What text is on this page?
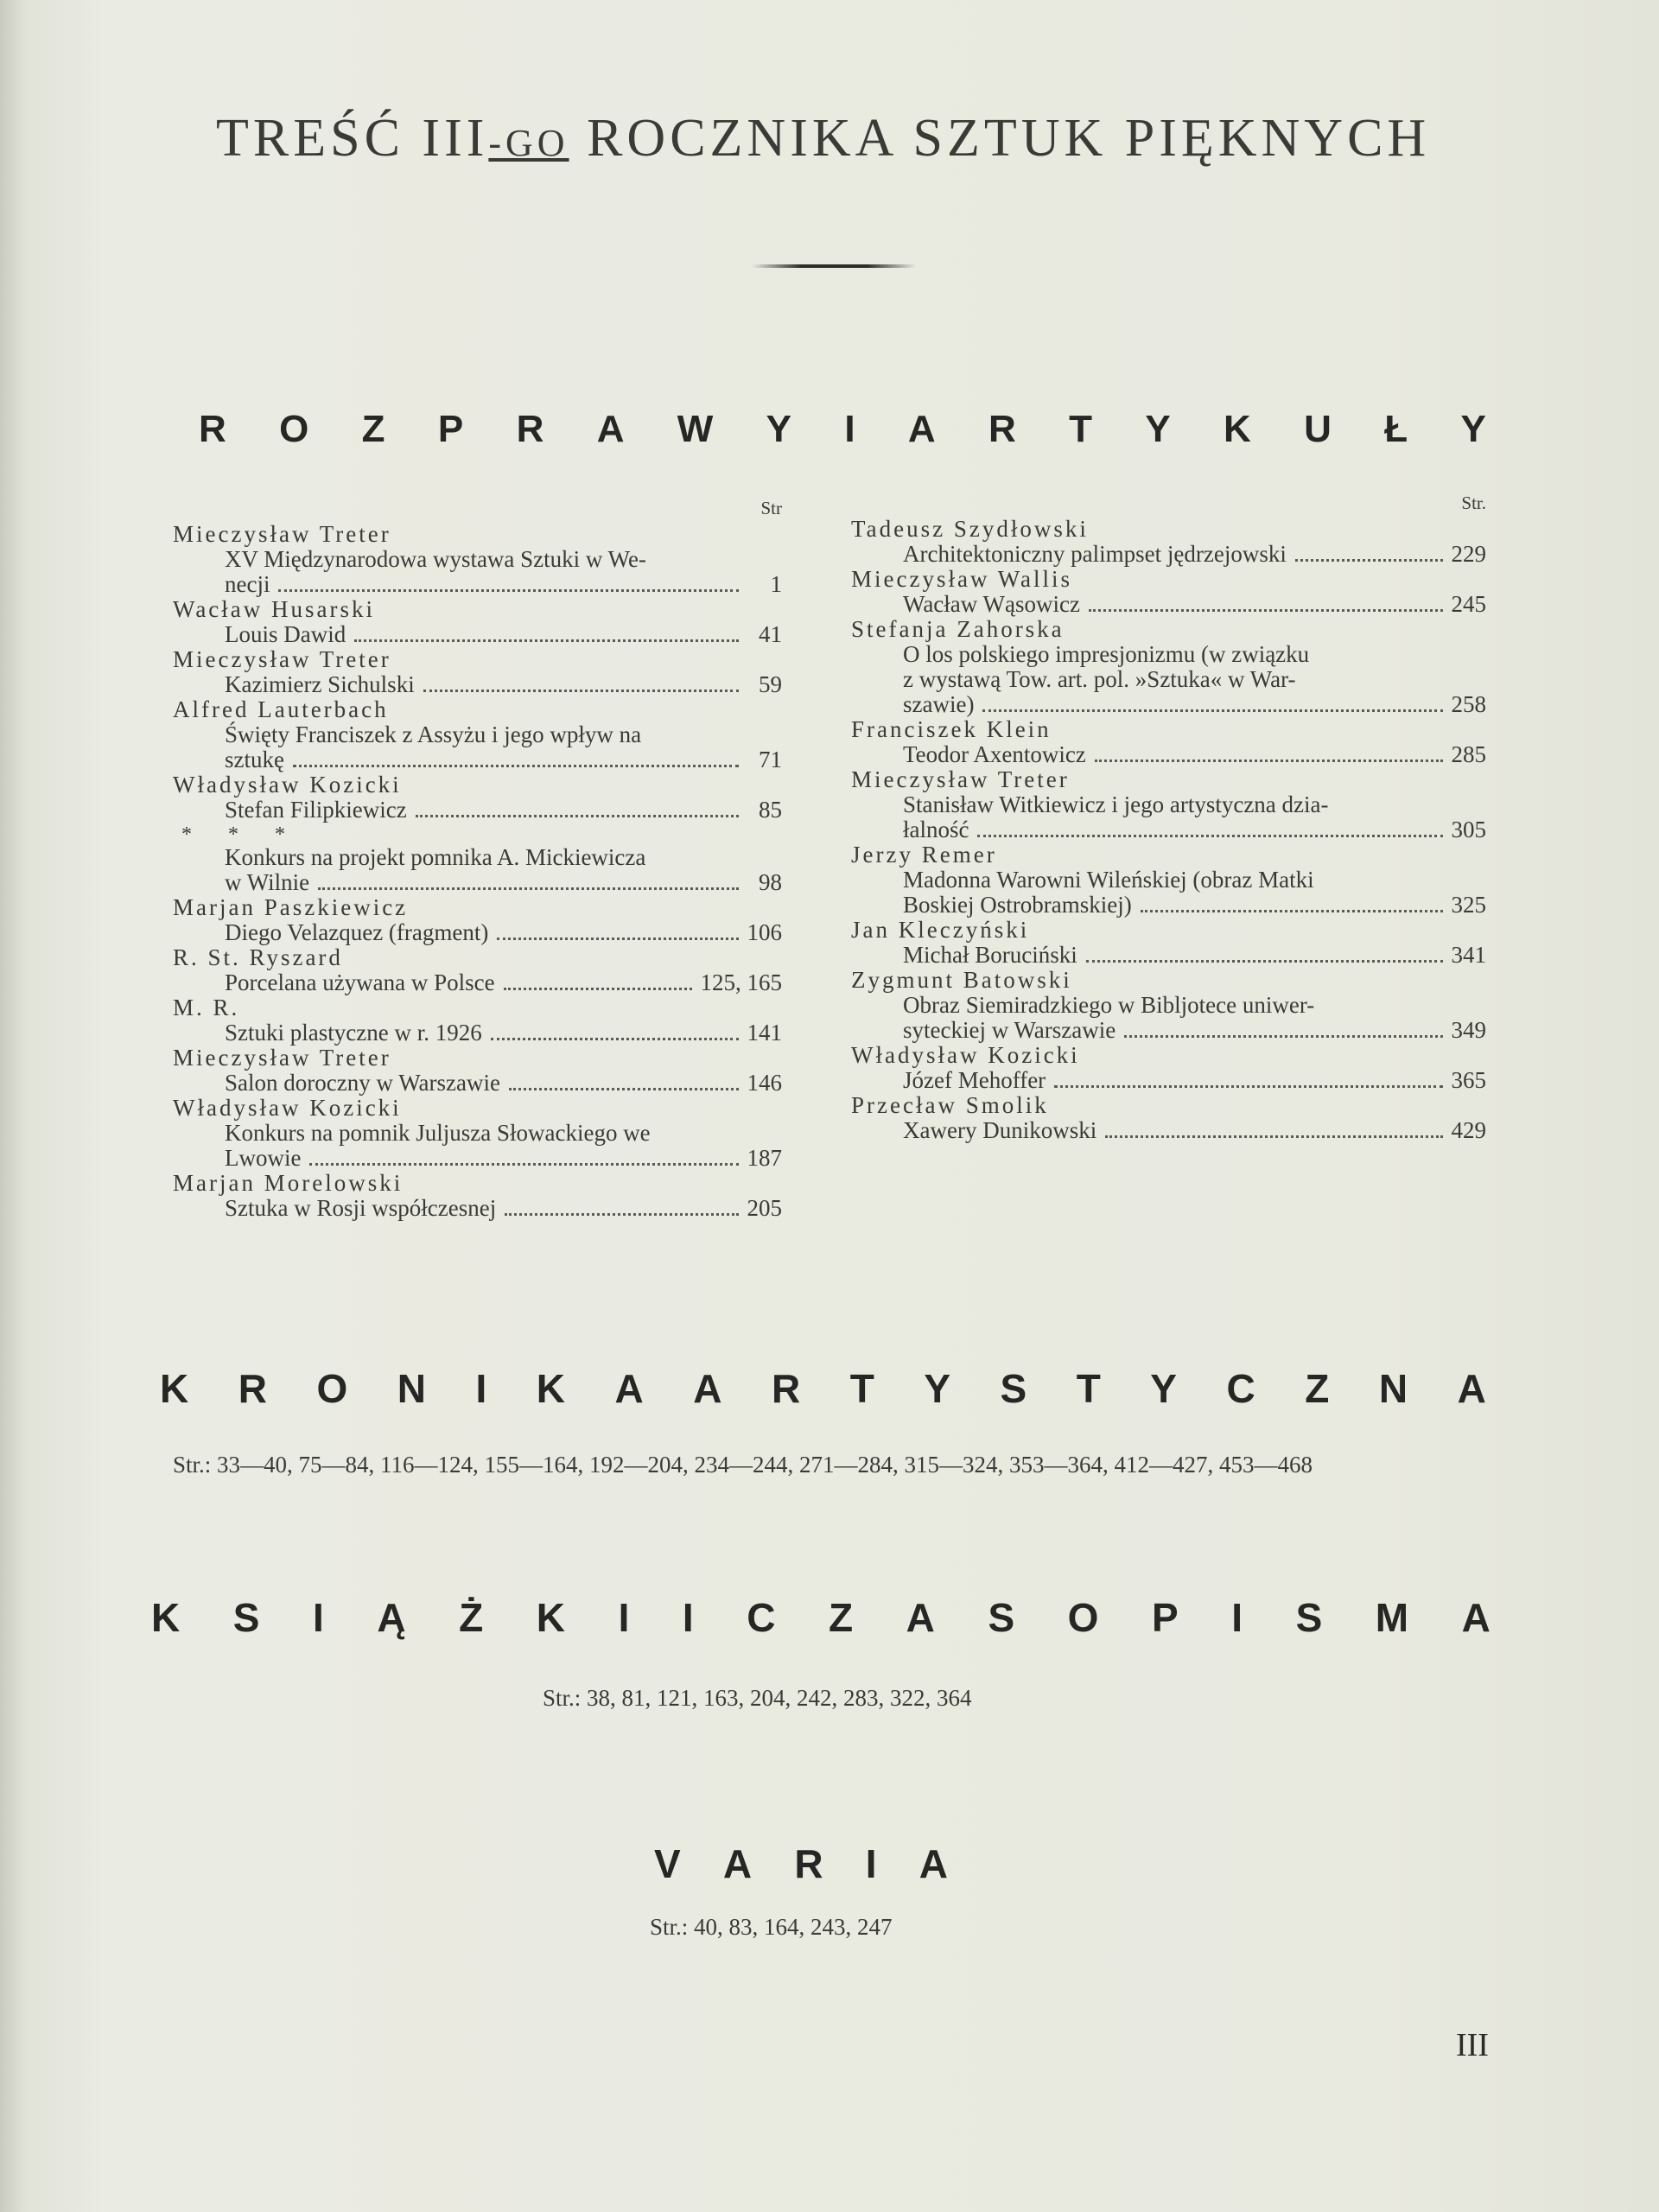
TREŚĆ III-GO ROCZNIKA SZTUK PIĘKNYCH
R O Z P R A W Y I A R T Y K U Ł Y
Str
Mieczysław Treter
XV Międzynarodowa wystawa Sztuki w We-
necji	1
Wacław Husarski
Louis Dawid	41
Mieczysław Treter
Kazimierz Sichulski	59
Alfred Lauterbach
Święty Franciszek z Assyżu i jego wpływ na
sztukę	71
Władysław Kozicki
Stefan Filipkiewicz	85
* * *
Konkurs na projekt pomnika A. Mickiewicza
w Wilnie	98
Marjan Paszkiewicz
Diego Velazquez (fragment)	106
R. St. Ryszard
Porcelana używana w Polsce	125, 165
M. R.
Sztuki plastyczne w r. 1926	141
Mieczysław Treter
Salon doroczny w Warszawie	146
Władysław Kozicki
Konkurs na pomnik Juljusza Słowackiego we
Lwowie	187
Marjan Morelowski
Sztuka w Rosji współczesnej	205
Str.
Tadeusz Szydłowski
Architektoniczny palimpset jędrzejowski	229
Mieczysław Wallis
Wacław Wąsowicz	245
Stefanja Zahorska
O los polskiego impresjonizmu (w związku
z wystawą Tow. art. pol. »Sztuka« w War-
szawie)	258
Franciszek Klein
Teodor Axentowicz	285
Mieczysław Treter
Stanisław Witkiewicz i jego artystyczna dzia-
łalność	305
Jerzy Remer
Madonna Warowni Wileńskiej (obraz Matki
Boskiej Ostrobramskiej)	325
Jan Kleczyński
Michał Boruciński	341
Zygmunt Batowski
Obraz Siemiradzkiego w Bibljotece uniwer-
syteckiej w Warszawie	349
Władysław Kozicki
Józef Mehoffer	365
Przecław Smolik
Xawery Dunikowski	429
K R O N I K A A R T Y S T Y C Z N A
Str.: 33—40, 75—84, 116—124, 155—164, 192—204, 234—244, 271—284, 315—324, 353—364, 412—427, 453—468
K S I Ą Ż K I I C Z A S O P I S M A
Str.: 38, 81, 121, 163, 204, 242, 283, 322, 364
V A R I A
Str.: 40, 83, 164, 243, 247
III
